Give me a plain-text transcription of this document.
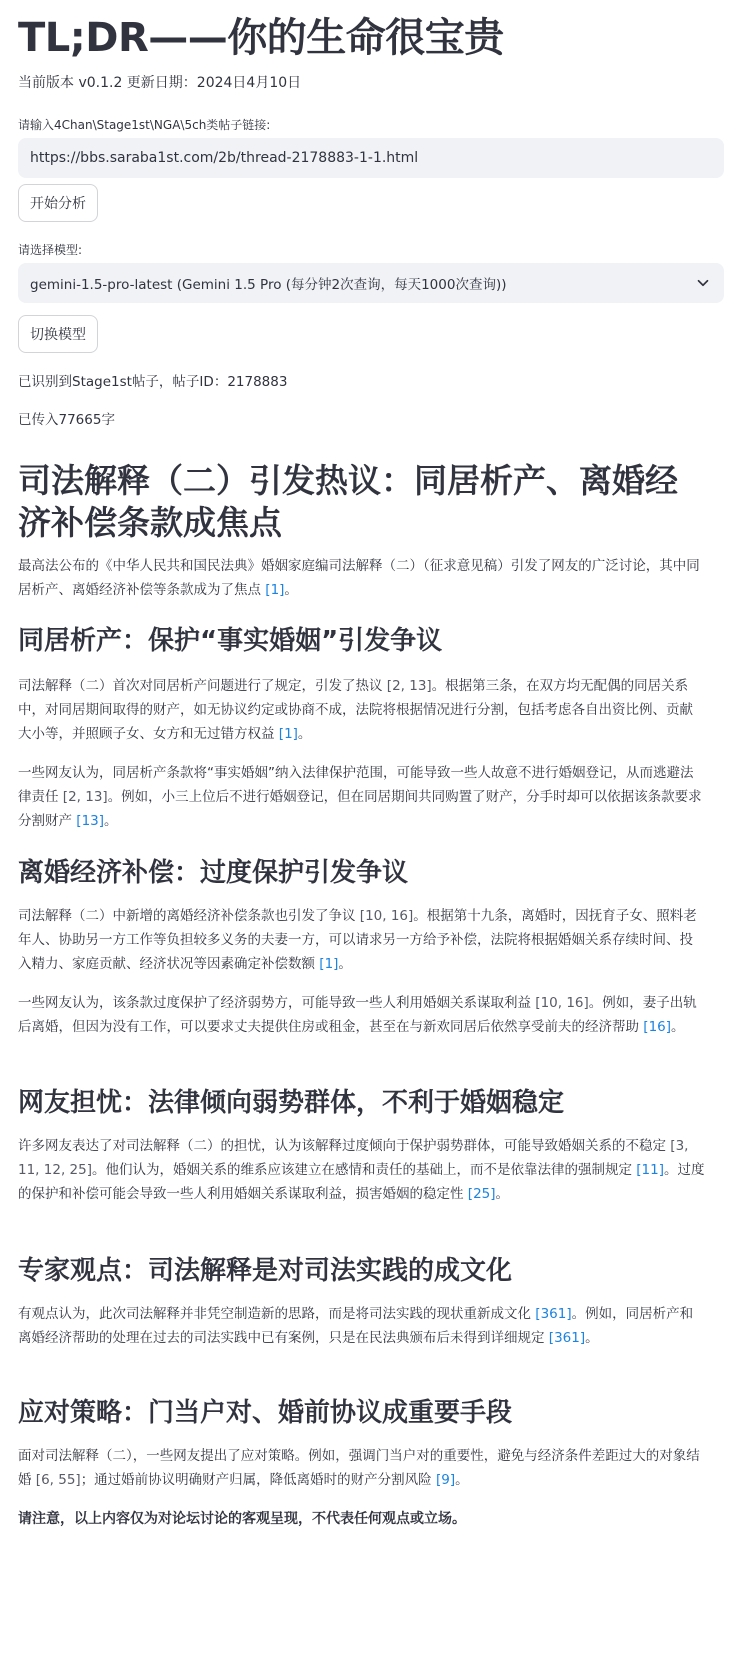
TL;DR——你的生命很宝贵
当前版本 v0.1.2 更新日期：2024日4月10日
请输入4Chan\Stage1st\NGA\5ch类帖子链接:
https://bbs.saraba1st.com/2b/thread-2178883-1-1.html
开始分析
请选择模型:
gemini-1.5-pro-latest (Gemini 1.5 Pro (每分钟2次查询，每天1000次查询))
切换模型
已识别到Stage1st帖子，帖子ID：2178883
已传入77665字
司法解释（二）引发热议：同居析产、离婚经济补偿条款成焦点

最高法公布的《中华人民共和国民法典》婚姻家庭编司法解释（二）（征求意见稿）引发了网友的广泛讨论，其中同居析产、离婚经济补偿等条款成为了焦点 [1]。

同居析产：保护“事实婚姻”引发争议

司法解释（二）首次对同居析产问题进行了规定，引发了热议 [2, 13]。根据第三条，在双方均无配偶的同居关系中，对同居期间取得的财产，如无协议约定或协商不成，法院将根据情况进行分割，包括考虑各自出资比例、贡献大小等，并照顾子女、女方和无过错方权益 [1]。

一些网友认为，同居析产条款将“事实婚姻”纳入法律保护范围，可能导致一些人故意不进行婚姻登记，从而逃避法律责任 [2, 13]。例如，小三上位后不进行婚姻登记，但在同居期间共同购置了财产，分手时却可以依据该条款要求分割财产 [13]。

离婚经济补偿：过度保护引发争议

司法解释（二）中新增的离婚经济补偿条款也引发了争议 [10, 16]。根据第十九条，离婚时，因抚育子女、照料老年人、协助另一方工作等负担较多义务的夫妻一方，可以请求另一方给予补偿，法院将根据婚姻关系存续时间、投入精力、家庭贡献、经济状况等因素确定补偿数额 [1]。

一些网友认为，该条款过度保护了经济弱势方，可能导致一些人利用婚姻关系谋取利益 [10, 16]。例如，妻子出轨后离婚，但因为没有工作，可以要求丈夫提供住房或租金，甚至在与新欢同居后依然享受前夫的经济帮助 [16]。

网友担忧：法律倾向弱势群体，不利于婚姻稳定

许多网友表达了对司法解释（二）的担忧，认为该解释过度倾向于保护弱势群体，可能导致婚姻关系的不稳定 [3, 11, 12, 25]。他们认为，婚姻关系的维系应该建立在感情和责任的基础上，而不是依靠法律的强制规定 [11]。过度的保护和补偿可能会导致一些人利用婚姻关系谋取利益，损害婚姻的稳定性 [25]。

专家观点：司法解释是对司法实践的成文化

有观点认为，此次司法解释并非凭空制造新的思路，而是将司法实践的现状重新成文化 [361]。例如，同居析产和离婚经济帮助的处理在过去的司法实践中已有案例，只是在民法典颁布后未得到详细规定 [361]。

应对策略：门当户对、婚前协议成重要手段

面对司法解释（二），一些网友提出了应对策略。例如，强调门当户对的重要性，避免与经济条件差距过大的对象结婚 [6, 55]；通过婚前协议明确财产归属，降低离婚时的财产分割风险 [9]。

请注意，以上内容仅为对论坛讨论的客观呈现，不代表任何观点或立场。
